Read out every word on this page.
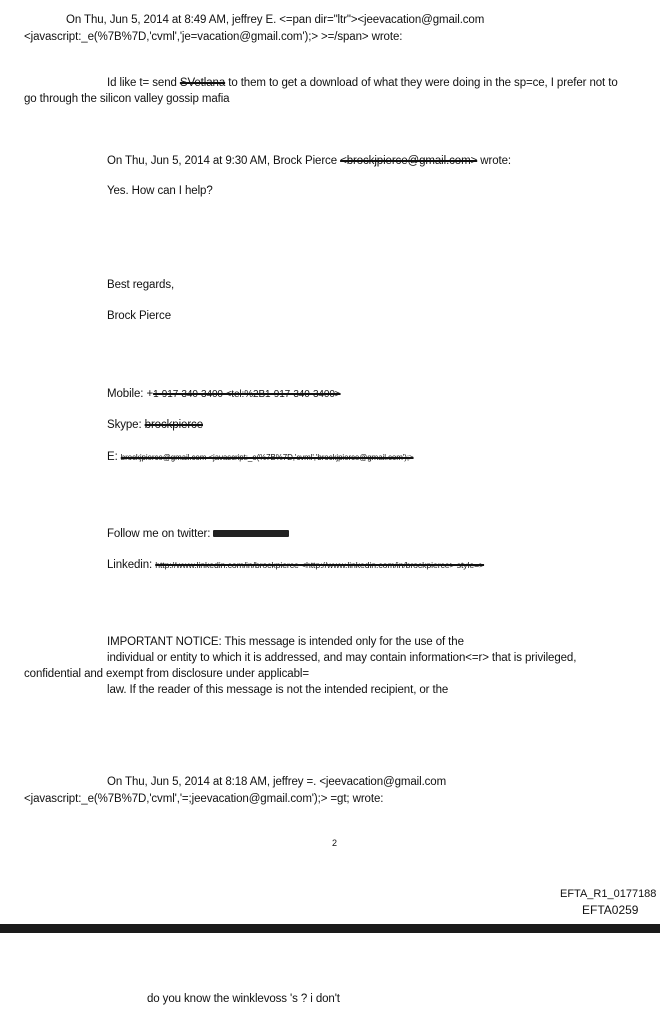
On Thu, Jun 5, 2014 at 8:49 AM, jeffrey E. <=pan dir="ltr"><jeevacation@gmail.com
<javascript:_e(%7B%7D,'cvml','je=vacation@gmail.com');> >=/span> wrote:
Id like t= send SVetlana to them to get a download of what they were doing in the sp=ce, I prefer not to
go through the silicon valley gossip mafia
On Thu, Jun 5, 2014 at 9:30 AM, Brock Pierce <brockjpierce@gmail.com> wrote:
Yes. How can I help?
Best regards,
Brock Pierce
Mobile: +1-917-340-3400 <tel:%2B1-917-340-3400>
Skype: brockpierce
E: brockjpierce@gmail.com <javascript:_e(%7B%7D,'cvml','brockjpierce@gmail.com');>
Follow me on twitter:
Linkedin: http://www.linkedin.com/in/brockpierce <http://www.linkedin.com/in/brockpierce> style=>
IMPORTANT NOTICE: This message is intended only for the use of the
individual or entity to which it is addressed, and may contain information<=r> that is privileged,
confidential and exempt from disclosure under applicabl=
law. If the reader of this message is not the intended recipient, or the
On Thu, Jun 5, 2014 at 8:18 AM, jeffrey =. <jeevacation@gmail.com
<javascript:_e(%7B%7D,'cvml','=;jeevacation@gmail.com');> =gt; wrote:
2
EFTA_R1_0177188
EFTA0259
do you know the winklevoss 's ? i don't
